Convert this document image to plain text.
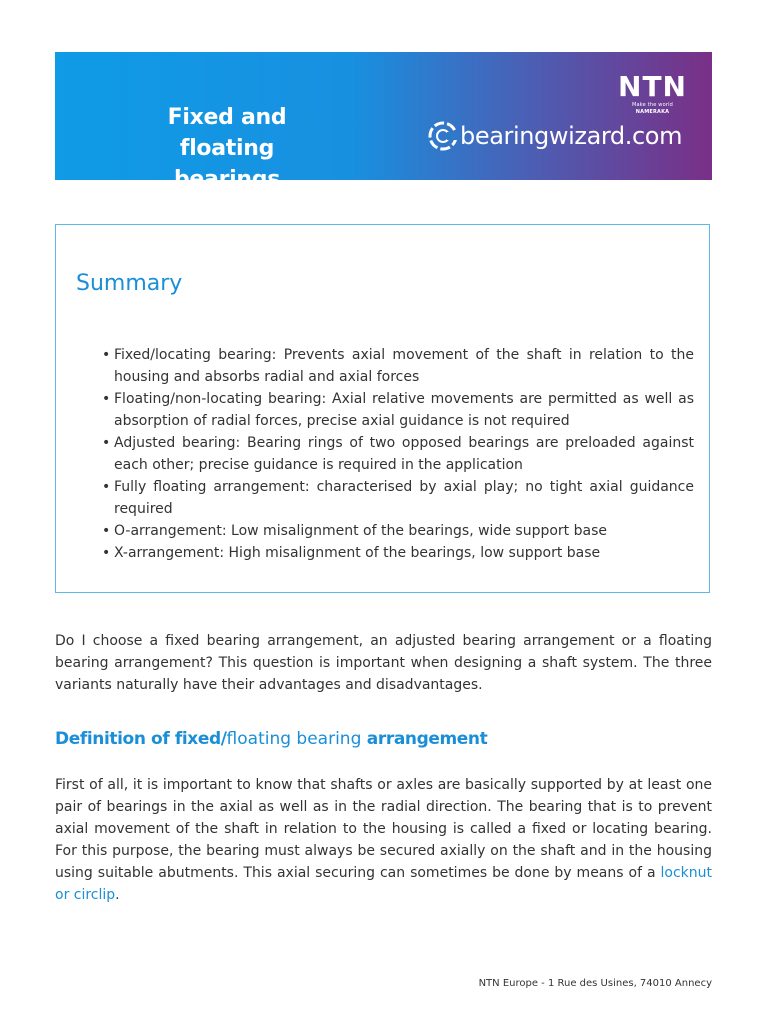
Fixed and floating
bearings
NTN
Make the world NAMERAKA
bearingwizard.com
Summary
• Fixed/locating bearing: Prevents axial movement of the shaft in relation to the housing and absorbs radial and axial forces
• Floating/non-locating bearing: Axial relative movements are permitted as well as absorption of radial forces, precise axial guidance is not required
• Adjusted bearing: Bearing rings of two opposed bearings are preloaded against each other; precise guidance is required in the application
• Fully floating arrangement: characterised by axial play; no tight axial guidance required
• O-arrangement: Low misalignment of the bearings, wide support base
• X-arrangement: High misalignment of the bearings, low support base

Do I choose a fixed bearing arrangement, an adjusted bearing arrangement or a floating bearing arrangement? This question is important when designing a shaft system. The three variants naturally have their advantages and disadvantages.

Definition of fixed/floating bearing arrangement

First of all, it is important to know that shafts or axles are basically supported by at least one pair of bearings in the axial as well as in the radial direction. The bearing that is to prevent axial movement of the shaft in relation to the housing is called a fixed or locating bearing. For this purpose, the bearing must always be secured axially on the shaft and in the housing using suitable abutments. This axial securing can sometimes be done by means of a locknut or circlip.

NTN Europe - 1 Rue des Usines, 74010 Annecy
